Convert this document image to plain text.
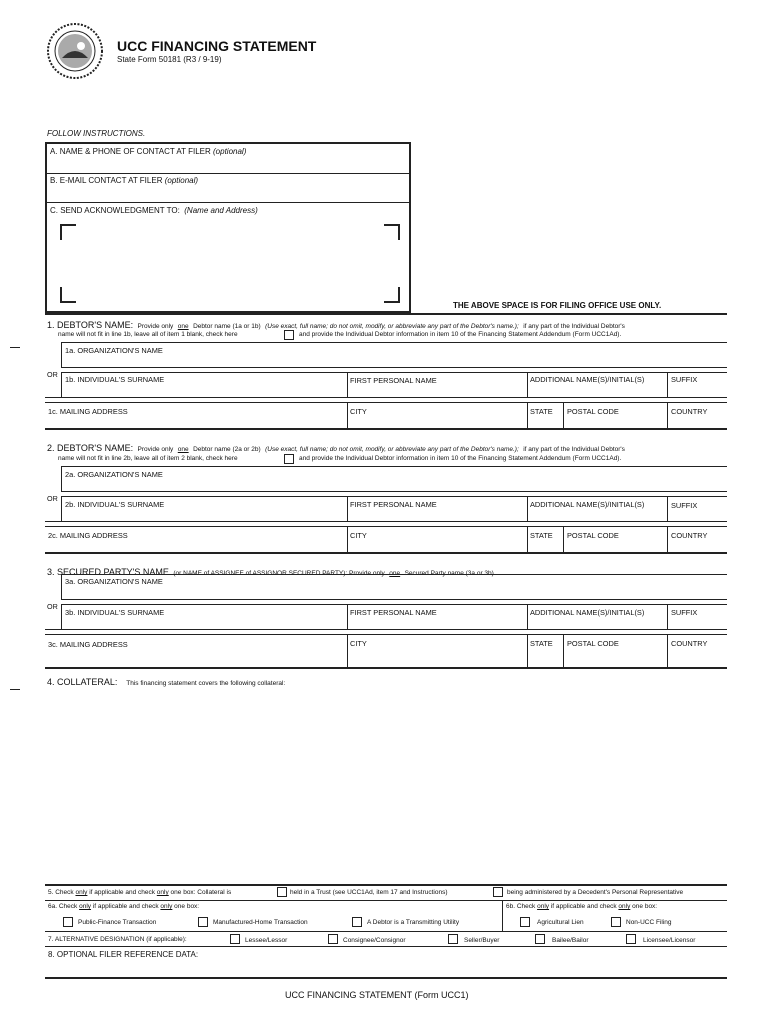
UCC FINANCING STATEMENT
State Form 50181 (R3 / 9-19)
FOLLOW INSTRUCTIONS.
A. NAME & PHONE OF CONTACT AT FILER (optional)
B. E-MAIL CONTACT AT FILER (optional)
C. SEND ACKNOWLEDGMENT TO: (Name and Address)
THE ABOVE SPACE IS FOR FILING OFFICE USE ONLY.
1. DEBTOR'S NAME: Provide only one Debtor name (1a or 1b) (Use exact, full name; do not omit, modify, or abbreviate any part of the Debtor's name.); if any part of the Individual Debtor's
name will not fit in line 1b, leave all of item 1 blank, check here	and provide the Individual Debtor information in item 10 of the Financing Statement Addendum (Form UCC1Ad).
1a. ORGANIZATION'S NAME
OR
1b. INDIVIDUAL'S SURNAME	FIRST PERSONAL NAME	ADDITIONAL NAME(S)/INITIAL(S)	SUFFIX
1c. MAILING ADDRESS	CITY	STATE POSTAL CODE	COUNTRY
2. DEBTOR'S NAME: Provide only one Debtor name (2a or 2b) (Use exact, full name; do not omit, modify, or abbreviate any part of the Debtor's name.); if any part of the Individual Debtor's
name will not fit in line 2b, leave all of item 2 blank, check here	and provide the Individual Debtor information in item 10 of the Financing Statement Addendum (Form UCC1Ad).
2a. ORGANIZATION'S NAME
OR
2b. INDIVIDUAL'S SURNAME	FIRST PERSONAL NAME	ADDITIONAL NAME(S)/INITIAL(S)	SUFFIX
2c. MAILING ADDRESS	CITY	STATE POSTAL CODE	COUNTRY
3. SECURED PARTY'S NAME (or NAME of ASSIGNEE of ASSIGNOR SECURED PARTY): Provide only one Secured Party name (3a or 3b)
3a. ORGANIZATION'S NAME
OR
3b. INDIVIDUAL'S SURNAME	FIRST PERSONAL NAME	ADDITIONAL NAME(S)/INITIAL(S)	SUFFIX
3c. MAILING ADDRESS	CITY	STATE POSTAL CODE	COUNTRY
4. COLLATERAL: This financing statement covers the following collateral:
5. Check only if applicable and check only one box: Collateral is	held in a Trust (see UCC1Ad, item 17 and Instructions)	being administered by a Decedent's Personal Representative
6a. Check only if applicable and check only one box:	6b. Check only if applicable and check only one box:
Public-Finance Transaction	Manufactured-Home Transaction	A Debtor is a Transmitting Utility	Agricultural Lien	Non-UCC Filing
7. ALTERNATIVE DESIGNATION (if applicable):	Lessee/Lessor	Consignee/Consignor	Seller/Buyer	Bailee/Bailor	Licensee/Licensor
8. OPTIONAL FILER REFERENCE DATA:
UCC FINANCING STATEMENT (Form UCC1)
